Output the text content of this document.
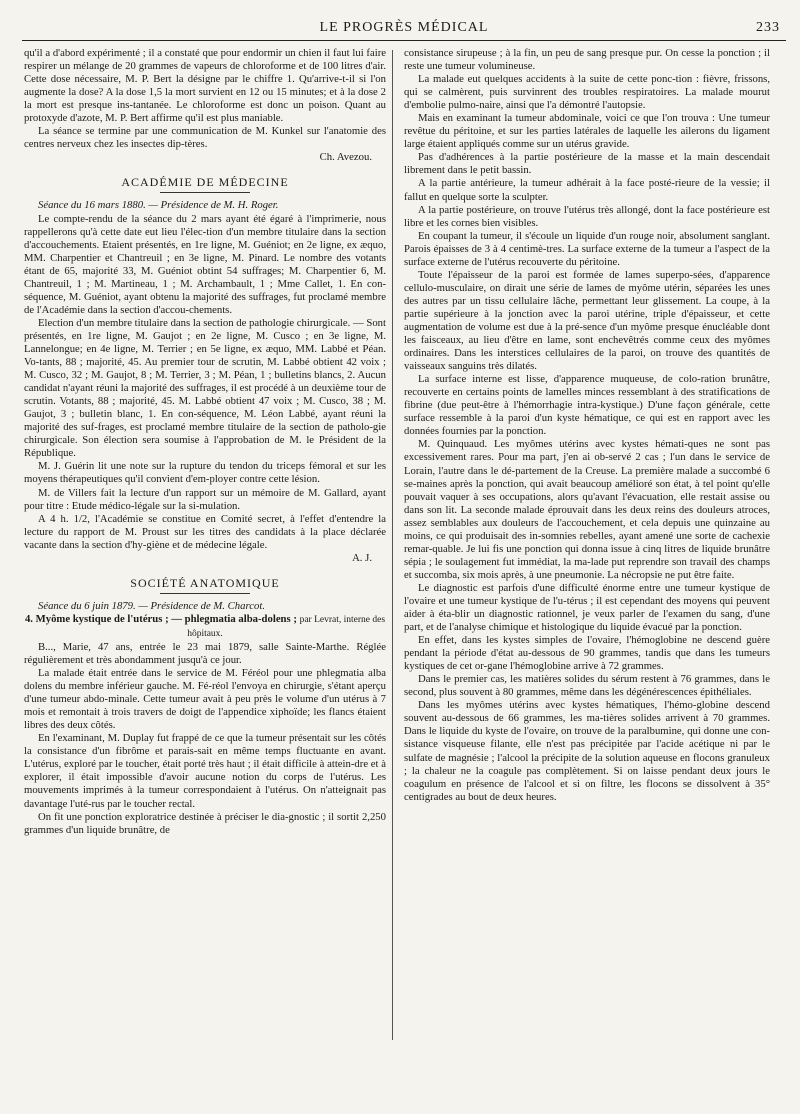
LE PROGRÈS MÉDICAL	233

qu'il a d'abord expérimenté ; il a constaté que pour endormir un chien il faut lui faire respirer un mélange de 20 grammes de vapeurs de chloroforme et de 100 litres d'air. Cette dose nécessaire, M. P. Bert la désigne par le chiffre 1. Qu'arrive-t-il si l'on augmente la dose? A la dose 1,5 la mort survient en 12 ou 15 minutes; et à la dose 2 la mort est presque ins-tantanée. Le chloroforme est donc un poison. Quant au protoxyde d'azote, M. P. Bert affirme qu'il est plus maniable.

La séance se termine par une communication de M. Kunkel sur l'anatomie des centres nerveux chez les insectes dip-tères.

Ch. Avezou.
ACADÉMIE DE MÉDECINE

Séance du 16 mars 1880. — Présidence de M. H. Roger.

Le compte-rendu de la séance du 2 mars ayant été égaré à l'imprimerie, nous rappellerons qu'à cette date eut lieu l'élec-tion d'un membre titulaire dans la section d'accouchements. Etaient présentés, en 1re ligne, M. Guéniot; en 2e ligne, ex æquo, MM. Charpentier et Chantreuil ; en 3e ligne, M. Pinard. Le nombre des votants étant de 65, majorité 33, M. Guéniot obtint 54 suffrages; M. Charpentier 6, M. Chantreuil, 1 ; M. Martineau, 1 ; M. Archambault, 1 ; Mme Callet, 1. En con-séquence, M. Guéniot, ayant obtenu la majorité des suffrages, fut proclamé membre de l'Académie dans la section d'accou-chements.

Election d'un membre titulaire dans la section de pathologie chirurgicale. — Sont présentés, en 1re ligne, M. Gaujot ; en 2e ligne, M. Cusco ; en 3e ligne, M. Lannelongue; en 4e ligne, M. Terrier ; en 5e ligne, ex æquo, MM. Labbé et Péan. Vo-tants, 88 ; majorité, 45. Au premier tour de scrutin, M. Labbé obtient 42 voix ; M. Cusco, 32 ; M. Gaujot, 8 ; M. Terrier, 3 ; M. Péan, 1 ; bulletins blancs, 2. Aucun candidat n'ayant réuni la majorité des suffrages, il est procédé à un deuxième tour de scrutin. Votants, 88 ; majorité, 45. M. Labbé obtient 47 voix ; M. Cusco, 38 ; M. Gaujot, 3 ; bulletin blanc, 1. En con-séquence, M. Léon Labbé, ayant réuni la majorité des suf-frages, est proclamé membre titulaire de la section de patholo-gie chirurgicale. Son élection sera soumise à l'approbation de M. le Président de la République.

M. J. Guérin lit une note sur la rupture du tendon du triceps fémoral et sur les moyens thérapeutiques qu'il convient d'em-ployer contre cette lésion.

M. de Villers fait la lecture d'un rapport sur un mémoire de M. Gallard, ayant pour titre : Etude médico-légale sur la si-mulation.

A 4 h. 1/2, l'Académie se constitue en Comité secret, à l'effet d'entendre la lecture du rapport de M. Proust sur les titres des candidats à la place déclarée vacante dans la section d'hy-giène et de médecine légale.

A. J.
SOCIÉTÉ ANATOMIQUE

Séance du 6 juin 1879. — Présidence de M. Charcot.

4. Myôme kystique de l'utérus ; — phlegmatia alba-dolens ; par Levrat, interne des hôpitaux.

B..., Marie, 47 ans, entrée le 23 mai 1879, salle Sainte-Marthe. Réglée régulièrement et très abondamment jusqu'à ce jour.

La malade était entrée dans le service de M. Féréol pour une phlegmatia alba dolens du membre inférieur gauche. M. Fé-réol l'envoya en chirurgie, s'étant aperçu d'une tumeur abdo-minale. Cette tumeur avait à peu près le volume d'un utérus à 7 mois et remontait à trois travers de doigt de l'appendice xiphoïde; les flancs étaient libres des deux côtés.

En l'examinant, M. Duplay fut frappé de ce que la tumeur présentait sur les côtés la consistance d'un fibrôme et parais-sait en même temps fluctuante en avant. L'utérus, exploré par le toucher, était porté très haut ; il était difficile à attein-dre et à explorer, il était impossible d'avoir aucune notion du corps de l'utérus. Les mouvements imprimés à la tumeur correspondaient à l'utérus. On n'atteignait pas davantage l'uté-rus par le toucher rectal.

On fit une ponction exploratrice destinée à préciser le dia-gnostic ; il sortit 2,250 grammes d'un liquide brunâtre, de

consistance sirupeuse ; à la fin, un peu de sang presque pur. On cesse la ponction ; il reste une tumeur volumineuse.

La malade eut quelques accidents à la suite de cette ponc-tion : fièvre, frissons, qui se calmèrent, puis survinrent des troubles respiratoires. La malade mourut d'embolie pulmo-naire, ainsi que l'a démontré l'autopsie.

Mais en examinant la tumeur abdominale, voici ce que l'on trouva : Une tumeur revêtue du péritoine, et sur les parties latérales de laquelle les ailerons du ligament large étaient appliqués comme sur un utérus gravide.

Pas d'adhérences à la partie postérieure de la masse et la main descendait librement dans le petit bassin.

A la partie antérieure, la tumeur adhérait à la face posté-rieure de la vessie; il fallut en quelque sorte la sculpter.

A la partie postérieure, on trouve l'utérus très allongé, dont la face postérieure est libre et les cornes bien visibles.

En coupant la tumeur, il s'écoule un liquide d'un rouge noir, absolument sanglant. Parois épaisses de 3 à 4 centimè-tres. La surface externe de la tumeur a l'aspect de la surface externe de l'utérus recouverte du péritoine.

Toute l'épaisseur de la paroi est formée de lames superpo-sées, d'apparence cellulo-musculaire, on dirait une série de lames de myôme utérin, séparées les unes des autres par un tissu cellulaire lâche, permettant leur glissement. La coupe, à la partie supérieure à la jonction avec la paroi utérine, triple d'épaisseur, et cette augmentation de volume est due à la pré-sence d'un myôme presque énucléable dont les faisceaux, au lieu d'être en lame, sont enchevêtrés comme ceux des myômes ordinaires. Dans les interstices cellulaires de la paroi, on trouve des quantités de vaisseaux sanguins très dilatés.

La surface interne est lisse, d'apparence muqueuse, de colo-ration brunâtre, recouverte en certains points de lamelles minces ressemblant à des stratifications de fibrine (due peut-être à l'hémorrhagie intra-kystique.) D'une façon générale, cette surface ressemble à la paroi d'un kyste hématique, ce qui est en rapport avec les données fournies par la ponction.

M. Quinquaud. Les myômes utérins avec kystes hémati-ques ne sont pas excessivement rares. Pour ma part, j'en ai ob-servé 2 cas ; l'un dans le service de Lorain, l'autre dans le dé-partement de la Creuse. La première malade a succombé 6 se-maines après la ponction, qui avait beaucoup amélioré son état, à tel point qu'elle pouvait vaquer à ses occupations, alors qu'avant l'évacuation, elle restait assise ou dans son lit. La seconde malade éprouvait dans les deux reins des douleurs atroces, assez semblables aux douleurs de l'accouchement, et cela depuis une quinzaine au moins, ce qui produisait des in-somnies rebelles, ayant amené une sorte de cachexie remar-quable. Je lui fis une ponction qui donna issue à cinq litres de liquide brunâtre sépia ; le soulagement fut immédiat, la ma-lade put reprendre son travail des champs et succomba, six mois après, à une pneumonie. La nécropsie ne put être faite.

Le diagnostic est parfois d'une difficulté énorme entre une tumeur kystique de l'ovaire et une tumeur kystique de l'u-térus ; il est cependant des moyens qui peuvent aider à éta-blir un diagnostic rationnel, je veux parler de l'examen du sang, d'une part, et de l'analyse chimique et histologique du liquide évacué par la ponction.

En effet, dans les kystes simples de l'ovaire, l'hémoglobine ne descend guère pendant la période d'état au-dessous de 90 grammes, tandis que dans les tumeurs kystiques de cet or-gane l'hémoglobine arrive à 72 grammes.

Dans le premier cas, les matières solides du sérum restent à 76 grammes, dans le second, plus souvent à 80 grammes, même dans les dégénérescences épithéliales.

Dans les myômes utérins avec kystes hématiques, l'hémo-globine descend souvent au-dessous de 66 grammes, les ma-tières solides arrivent à 70 grammes. Dans le liquide du kyste de l'ovaire, on trouve de la paralbumine, qui donne une con-sistance visqueuse filante, elle n'est pas précipitée par l'acide acétique ni par le sulfate de magnésie ; l'alcool la précipite de la solution aqueuse en flocons granuleux ; la chaleur ne la coagule pas complètement. Si on laisse pendant deux jours le coagulum en présence de l'alcool et si on filtre, les flocons se dissolvent à 35° centigrades au bout de deux heures.
